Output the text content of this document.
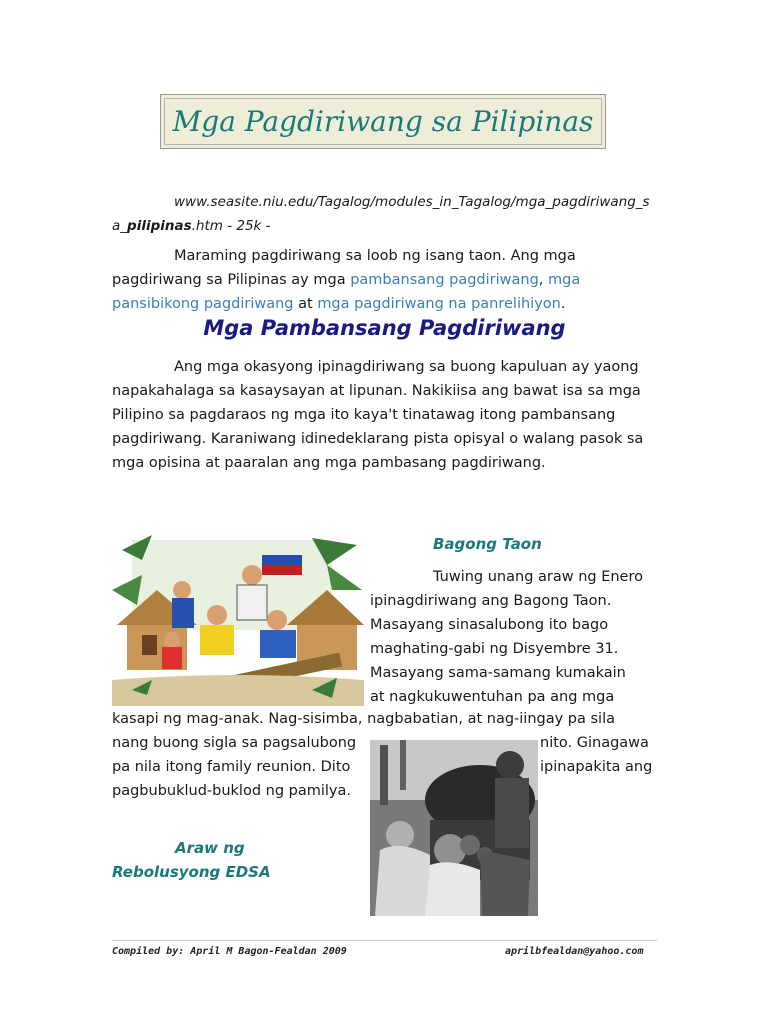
Mga Pagdiriwang sa Pilipinas

www.seasite.niu.edu/Tagalog/modules_in_Tagalog/mga_pagdiriwang_s
a_pilipinas.htm - 25k -

Maraming pagdiriwang sa loob ng isang taon. Ang mga pagdiriwang sa Pilipinas ay mga pambansang pagdiriwang, mga pansibikong pagdiriwang at mga pagdiriwang na panrelihiyon.

Mga Pambansang Pagdiriwang

Ang mga okasyong ipinagdiriwang sa buong kapuluan ay yaong napakahalaga sa kasaysayan at lipunan. Nakikiisa ang bawat isa sa mga Pilipino sa pagdaraos ng mga ito kaya't tinatawag itong pambansang pagdiriwang. Karaniwang idinedeklarang pista opisyal o walang pasok sa mga opisina at paaralan ang mga pambasang pagdiriwang.

Bagong Taon

Tuwing unang araw ng Enero

ipinagdiriwang ang Bagong Taon.

Masayang sinasalubong ito bago

maghating-gabi ng Disyembre 31.

Masayang sama-samang kumakain

at nagkukuwentuhan pa ang mga

kasapi ng mag-anak. Nag-sisimba, nagbabatian, at nag-iingay pa sila

nang buong sigla sa pagsalubong	nito. Ginagawa

pa nila itong family reunion. Dito	ipinapakita ang

pagbubuklud-buklod ng pamilya.

Araw ng
Rebolusyong EDSA
Compiled by: April M Bagon-Fealdan 2009	aprilbfealdan@yahoo.com
